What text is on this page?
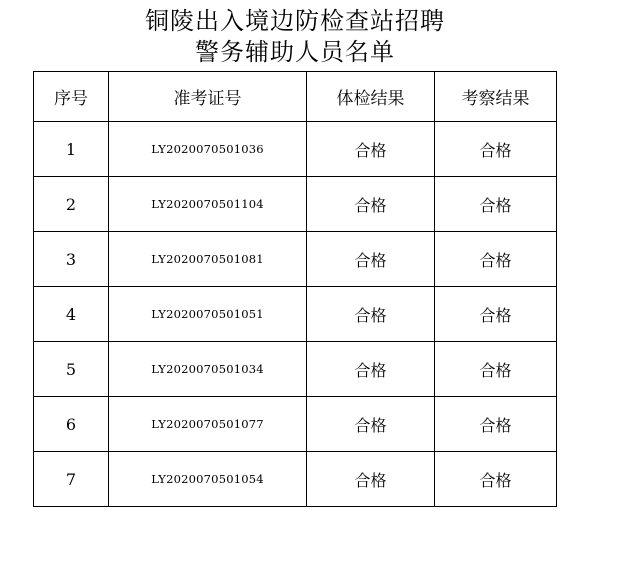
铜陵出入境边防检查站招聘
警务辅助人员名单
序号	准考证号	体检结果	考察结果
1	LY2020070501036	合格	合格
2	LY2020070501104	合格	合格
3	LY2020070501081	合格	合格
4	LY2020070501051	合格	合格
5	LY2020070501034	合格	合格
6	LY2020070501077	合格	合格
7	LY2020070501054	合格	合格
